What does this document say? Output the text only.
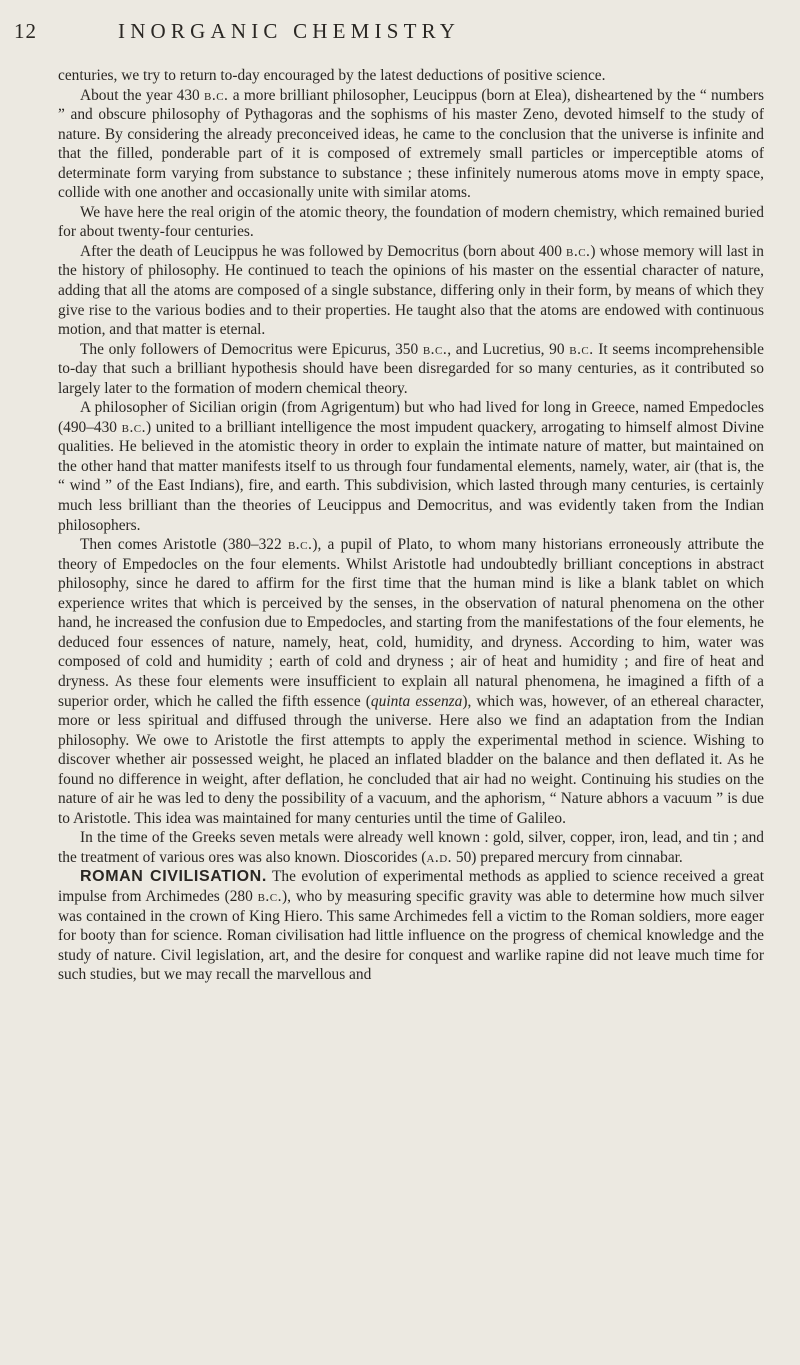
12	INORGANIC CHEMISTRY

centuries, we try to return to-day encouraged by the latest deductions of positive science.

About the year 430 b.c. a more brilliant philosopher, Leucippus (born at Elea), disheartened by the “ numbers ” and obscure philosophy of Pythagoras and the sophisms of his master Zeno, devoted himself to the study of nature. By considering the already preconceived ideas, he came to the conclusion that the universe is infinite and that the filled, ponderable part of it is composed of extremely small particles or imperceptible atoms of determinate form varying from substance to substance ; these infinitely numerous atoms move in empty space, collide with one another and occasionally unite with similar atoms.

We have here the real origin of the atomic theory, the foundation of modern chemistry, which remained buried for about twenty-four centuries.

After the death of Leucippus he was followed by Democritus (born about 400 b.c.) whose memory will last in the history of philosophy. He continued to teach the opinions of his master on the essential character of nature, adding that all the atoms are composed of a single substance, differing only in their form, by means of which they give rise to the various bodies and to their properties. He taught also that the atoms are endowed with continuous motion, and that matter is eternal.

The only followers of Democritus were Epicurus, 350 b.c., and Lucretius, 90 b.c. It seems incomprehensible to-day that such a brilliant hypothesis should have been disregarded for so many centuries, as it contributed so largely later to the formation of modern chemical theory.

A philosopher of Sicilian origin (from Agrigentum) but who had lived for long in Greece, named Empedocles (490–430 b.c.) united to a brilliant intelligence the most impudent quackery, arrogating to himself almost Divine qualities. He believed in the atomistic theory in order to explain the intimate nature of matter, but maintained on the other hand that matter manifests itself to us through four fundamental elements, namely, water, air (that is, the “ wind ” of the East Indians), fire, and earth. This subdivision, which lasted through many centuries, is certainly much less brilliant than the theories of Leucippus and Democritus, and was evidently taken from the Indian philosophers.

Then comes Aristotle (380–322 b.c.), a pupil of Plato, to whom many historians erroneously attribute the theory of Empedocles on the four elements. Whilst Aristotle had undoubtedly brilliant conceptions in abstract philosophy, since he dared to affirm for the first time that the human mind is like a blank tablet on which experience writes that which is perceived by the senses, in the observation of natural phenomena on the other hand, he increased the confusion due to Empedocles, and starting from the manifestations of the four elements, he deduced four essences of nature, namely, heat, cold, humidity, and dryness. According to him, water was composed of cold and humidity ; earth of cold and dryness ; air of heat and humidity ; and fire of heat and dryness. As these four elements were insufficient to explain all natural phenomena, he imagined a fifth of a superior order, which he called the fifth essence (quinta essenza), which was, however, of an ethereal character, more or less spiritual and diffused through the universe. Here also we find an adaptation from the Indian philosophy. We owe to Aristotle the first attempts to apply the experimental method in science. Wishing to discover whether air possessed weight, he placed an inflated bladder on the balance and then deflated it. As he found no difference in weight, after deflation, he concluded that air had no weight. Continuing his studies on the nature of air he was led to deny the possibility of a vacuum, and the aphorism, “ Nature abhors a vacuum ” is due to Aristotle. This idea was maintained for many centuries until the time of Galileo.

In the time of the Greeks seven metals were already well known : gold, silver, copper, iron, lead, and tin ; and the treatment of various ores was also known. Dioscorides (a.d. 50) prepared mercury from cinnabar.

ROMAN CIVILISATION. The evolution of experimental methods as applied to science received a great impulse from Archimedes (280 b.c.), who by measuring specific gravity was able to determine how much silver was contained in the crown of King Hiero. This same Archimedes fell a victim to the Roman soldiers, more eager for booty than for science. Roman civilisation had little influence on the progress of chemical knowledge and the study of nature. Civil legislation, art, and the desire for conquest and warlike rapine did not leave much time for such studies, but we may recall the marvellous and
